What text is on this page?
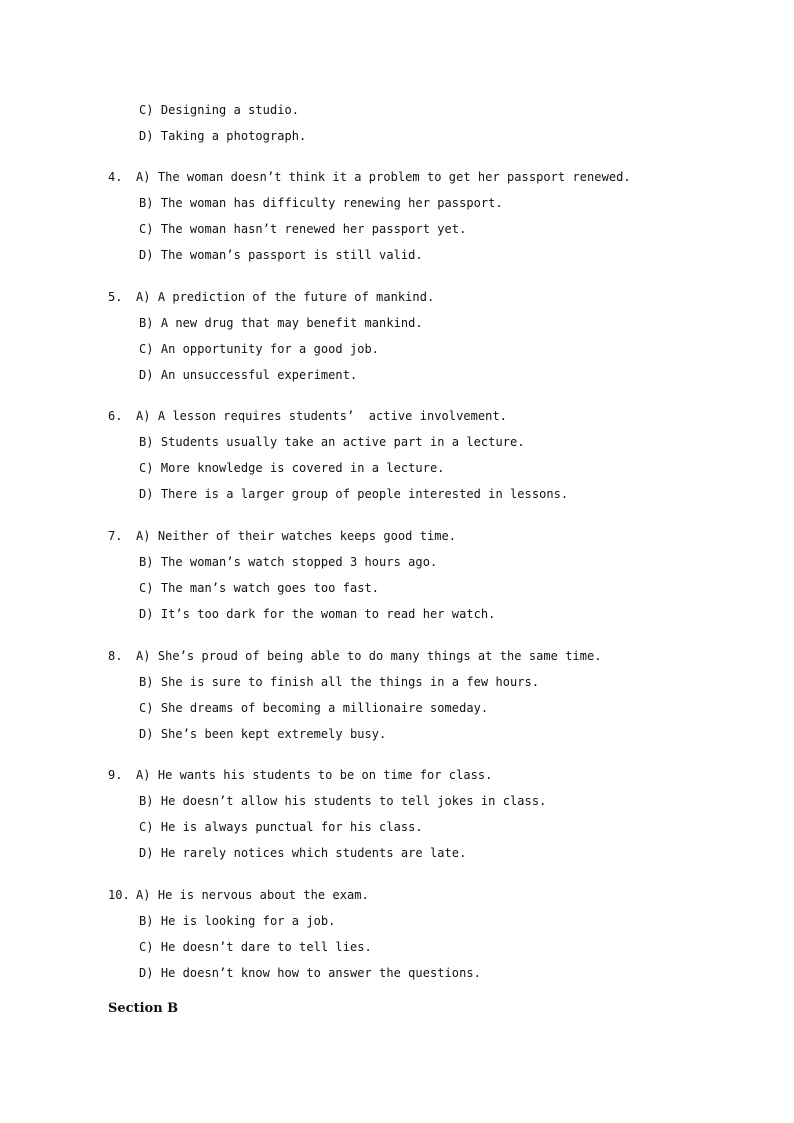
C) Designing a studio.
D) Taking a photograph.
4. A) The woman doesn’t think it a problem to get her passport renewed.
B) The woman has difficulty renewing her passport.
C) The woman hasn’t renewed her passport yet.
D) The woman’s passport is still valid.
5. A) A prediction of the future of mankind.
B) A new drug that may benefit mankind.
C) An opportunity for a good job.
D) An unsuccessful experiment.
6. A) A lesson requires students’  active involvement.
B) Students usually take an active part in a lecture.
C) More knowledge is covered in a lecture.
D) There is a larger group of people interested in lessons.
7. A) Neither of their watches keeps good time.
B) The woman’s watch stopped 3 hours ago.
C) The man’s watch goes too fast.
D) It’s too dark for the woman to read her watch.
8. A) She’s proud of being able to do many things at the same time.
B) She is sure to finish all the things in a few hours.
C) She dreams of becoming a millionaire someday.
D) She’s been kept extremely busy.
9. A) He wants his students to be on time for class.
B) He doesn’t allow his students to tell jokes in class.
C) He is always punctual for his class.
D) He rarely notices which students are late.
10. A) He is nervous about the exam.
B) He is looking for a job.
C) He doesn’t dare to tell lies.
D) He doesn’t know how to answer the questions.
Section B
